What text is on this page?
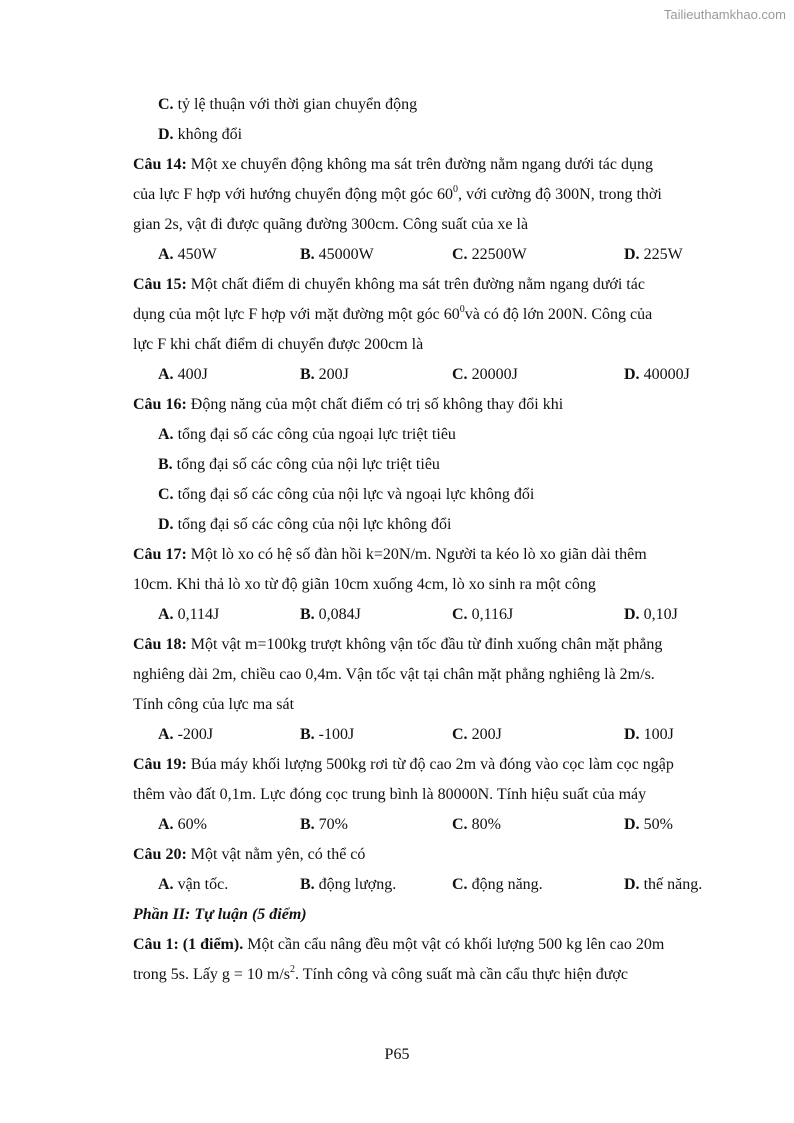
Tailieuthamkhao.com
C. tỷ lệ thuận với thời gian chuyển động
D. không đổi
Câu 14: Một xe chuyển động không ma sát trên đường nằm ngang dưới tác dụng
của lực F hợp với hướng chuyển động một góc $60^0$, với cường độ 300N, trong thời
gian 2s, vật đi được quãng đường 300cm. Công suất của xe là
A. 450W	B. 45000W	C. 22500W	D. 225W
Câu 15: Một chất điểm di chuyển không ma sát trên đường nằm ngang dưới tác
dụng của một lực F hợp với mặt đường một góc $60^0và$ có độ lớn 200N. Công của
lực F khi chất điểm di chuyển được 200cm là
A. 400J	B. 200J	C. 20000J	D. 40000J
Câu 16: Động năng của một chất điểm có trị số không thay đổi khi
A. tổng đại số các công của ngoại lực triệt tiêu
B. tổng đại số các công của nội lực triệt tiêu
C. tổng đại số các công của nội lực và ngoại lực không đổi
D. tổng đại số các công của nội lực không đổi
Câu 17: Một lò xo có hệ số đàn hồi k=20N/m. Người ta kéo lò xo giãn dài thêm
10cm. Khi thả lò xo từ độ giãn 10cm xuống 4cm, lò xo sinh ra một công
A. 0,114J	B. 0,084J	C. 0,116J	D. 0,10J
Câu 18: Một vật m=100kg trượt không vận tốc đầu từ đỉnh xuống chân mặt phẳng
nghiêng dài 2m, chiều cao 0,4m. Vận tốc vật tại chân mặt phẳng nghiêng là 2m/s.
Tính công của lực ma sát
A. -200J	B. -100J	C. 200J	D. 100J
Câu 19: Búa máy khối lượng 500kg rơi từ độ cao 2m và đóng vào cọc làm cọc ngập
thêm vào đất 0,1m. Lực đóng cọc trung bình là 80000N. Tính hiệu suất của máy
A. 60%	B. 70%	C. 80%	D. 50%
Câu 20: Một vật nằm yên, có thể có
A. vận tốc.	B. động lượng.	C. động năng.	D. thế năng.
Phần II: Tự luận (5 điểm)
Câu 1: (1 điểm). Một cần cẩu nâng đều một vật có khối lượng 500 kg lên cao 20m
trong 5s. Lấy g = 10 $m/s^2$. Tính công và công suất mà cần cẩu thực hiện được
P65
